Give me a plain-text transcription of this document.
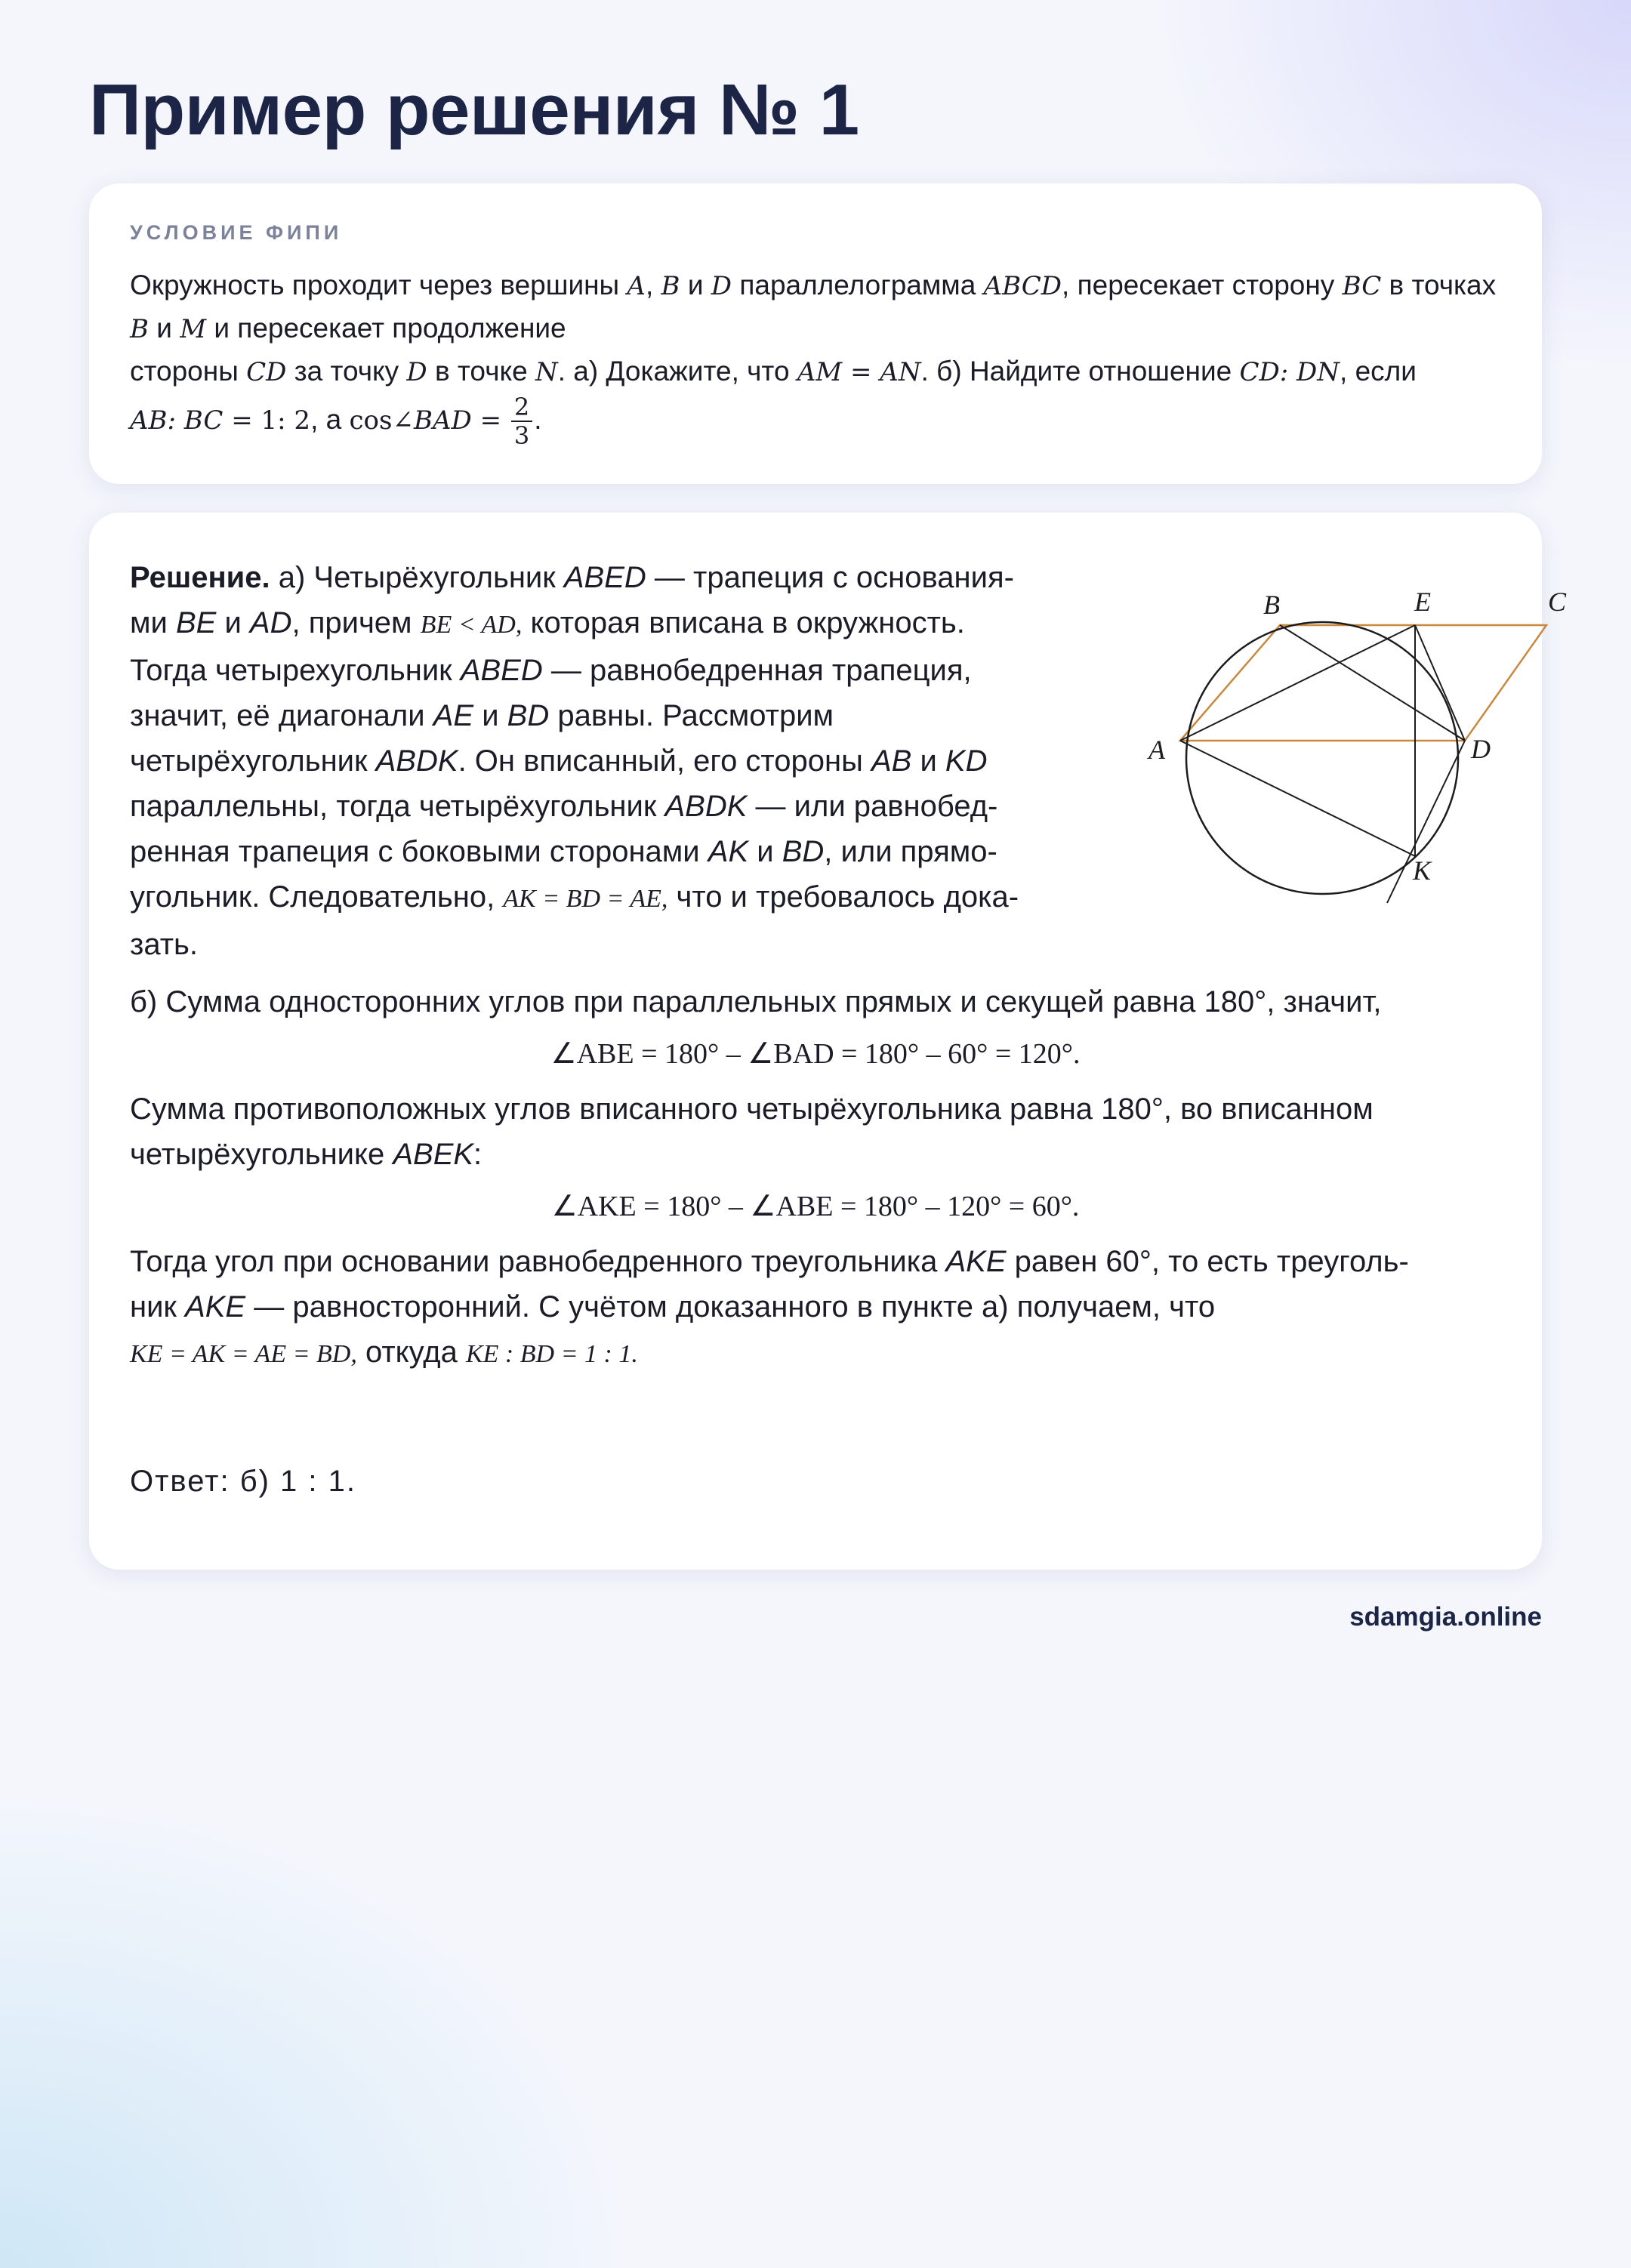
Пример решения № 1

УСЛОВИЕ ФИПИ

Окружность проходит через вершины A, B и D параллелограмма ABCD, пересекает сторону BC в точках B и M и пересекает продолжение
стороны CD за точку D в точке N. а) Докажите, что AM = AN. б) Найдите отношение CD: DN, если
AB: BC = 1: 2, а cos∠BAD = $\frac{2}{3}$ .
A
B	E	C
D
K
Решение. а) Четырёхугольник ABED — трапеция с основания-
ми BE и AD, причем BE < AD, которая вписана в окружность.
Тогда четырехугольник ABED — равнобедренная трапеция,
значит, её диагонали AE и BD равны. Рассмотрим
четырёхугольник ABDK. Он вписанный, его стороны AB и KD
параллельны, тогда четырёхугольник ABDK — или равнобед-
ренная трапеция с боковыми сторонами AK и BD, или прямо-
угольник. Следовательно, AK = BD = AE, что и требовалось дока-
зать.

б) Сумма односторонних углов при параллельных прямых и секущей равна 180°, значит,

∠ABE = 180° – ∠BAD = 180° – 60° = 120°.

Сумма противоположных углов вписанного четырёхугольника равна 180°, во вписанном
четырёхугольнике ABEK:

∠AKE = 180° – ∠ABE = 180° – 120° = 60°.

Тогда угол при основании равнобедренного треугольника AKE равен 60°, то есть треуголь-
ник AKE — равносторонний. С учётом доказанного в пункте а) получаем, что
KE = AK = AE = BD, откуда KE : BD = 1 : 1.

Ответ: б) 1 : 1.

sdamgia.online
